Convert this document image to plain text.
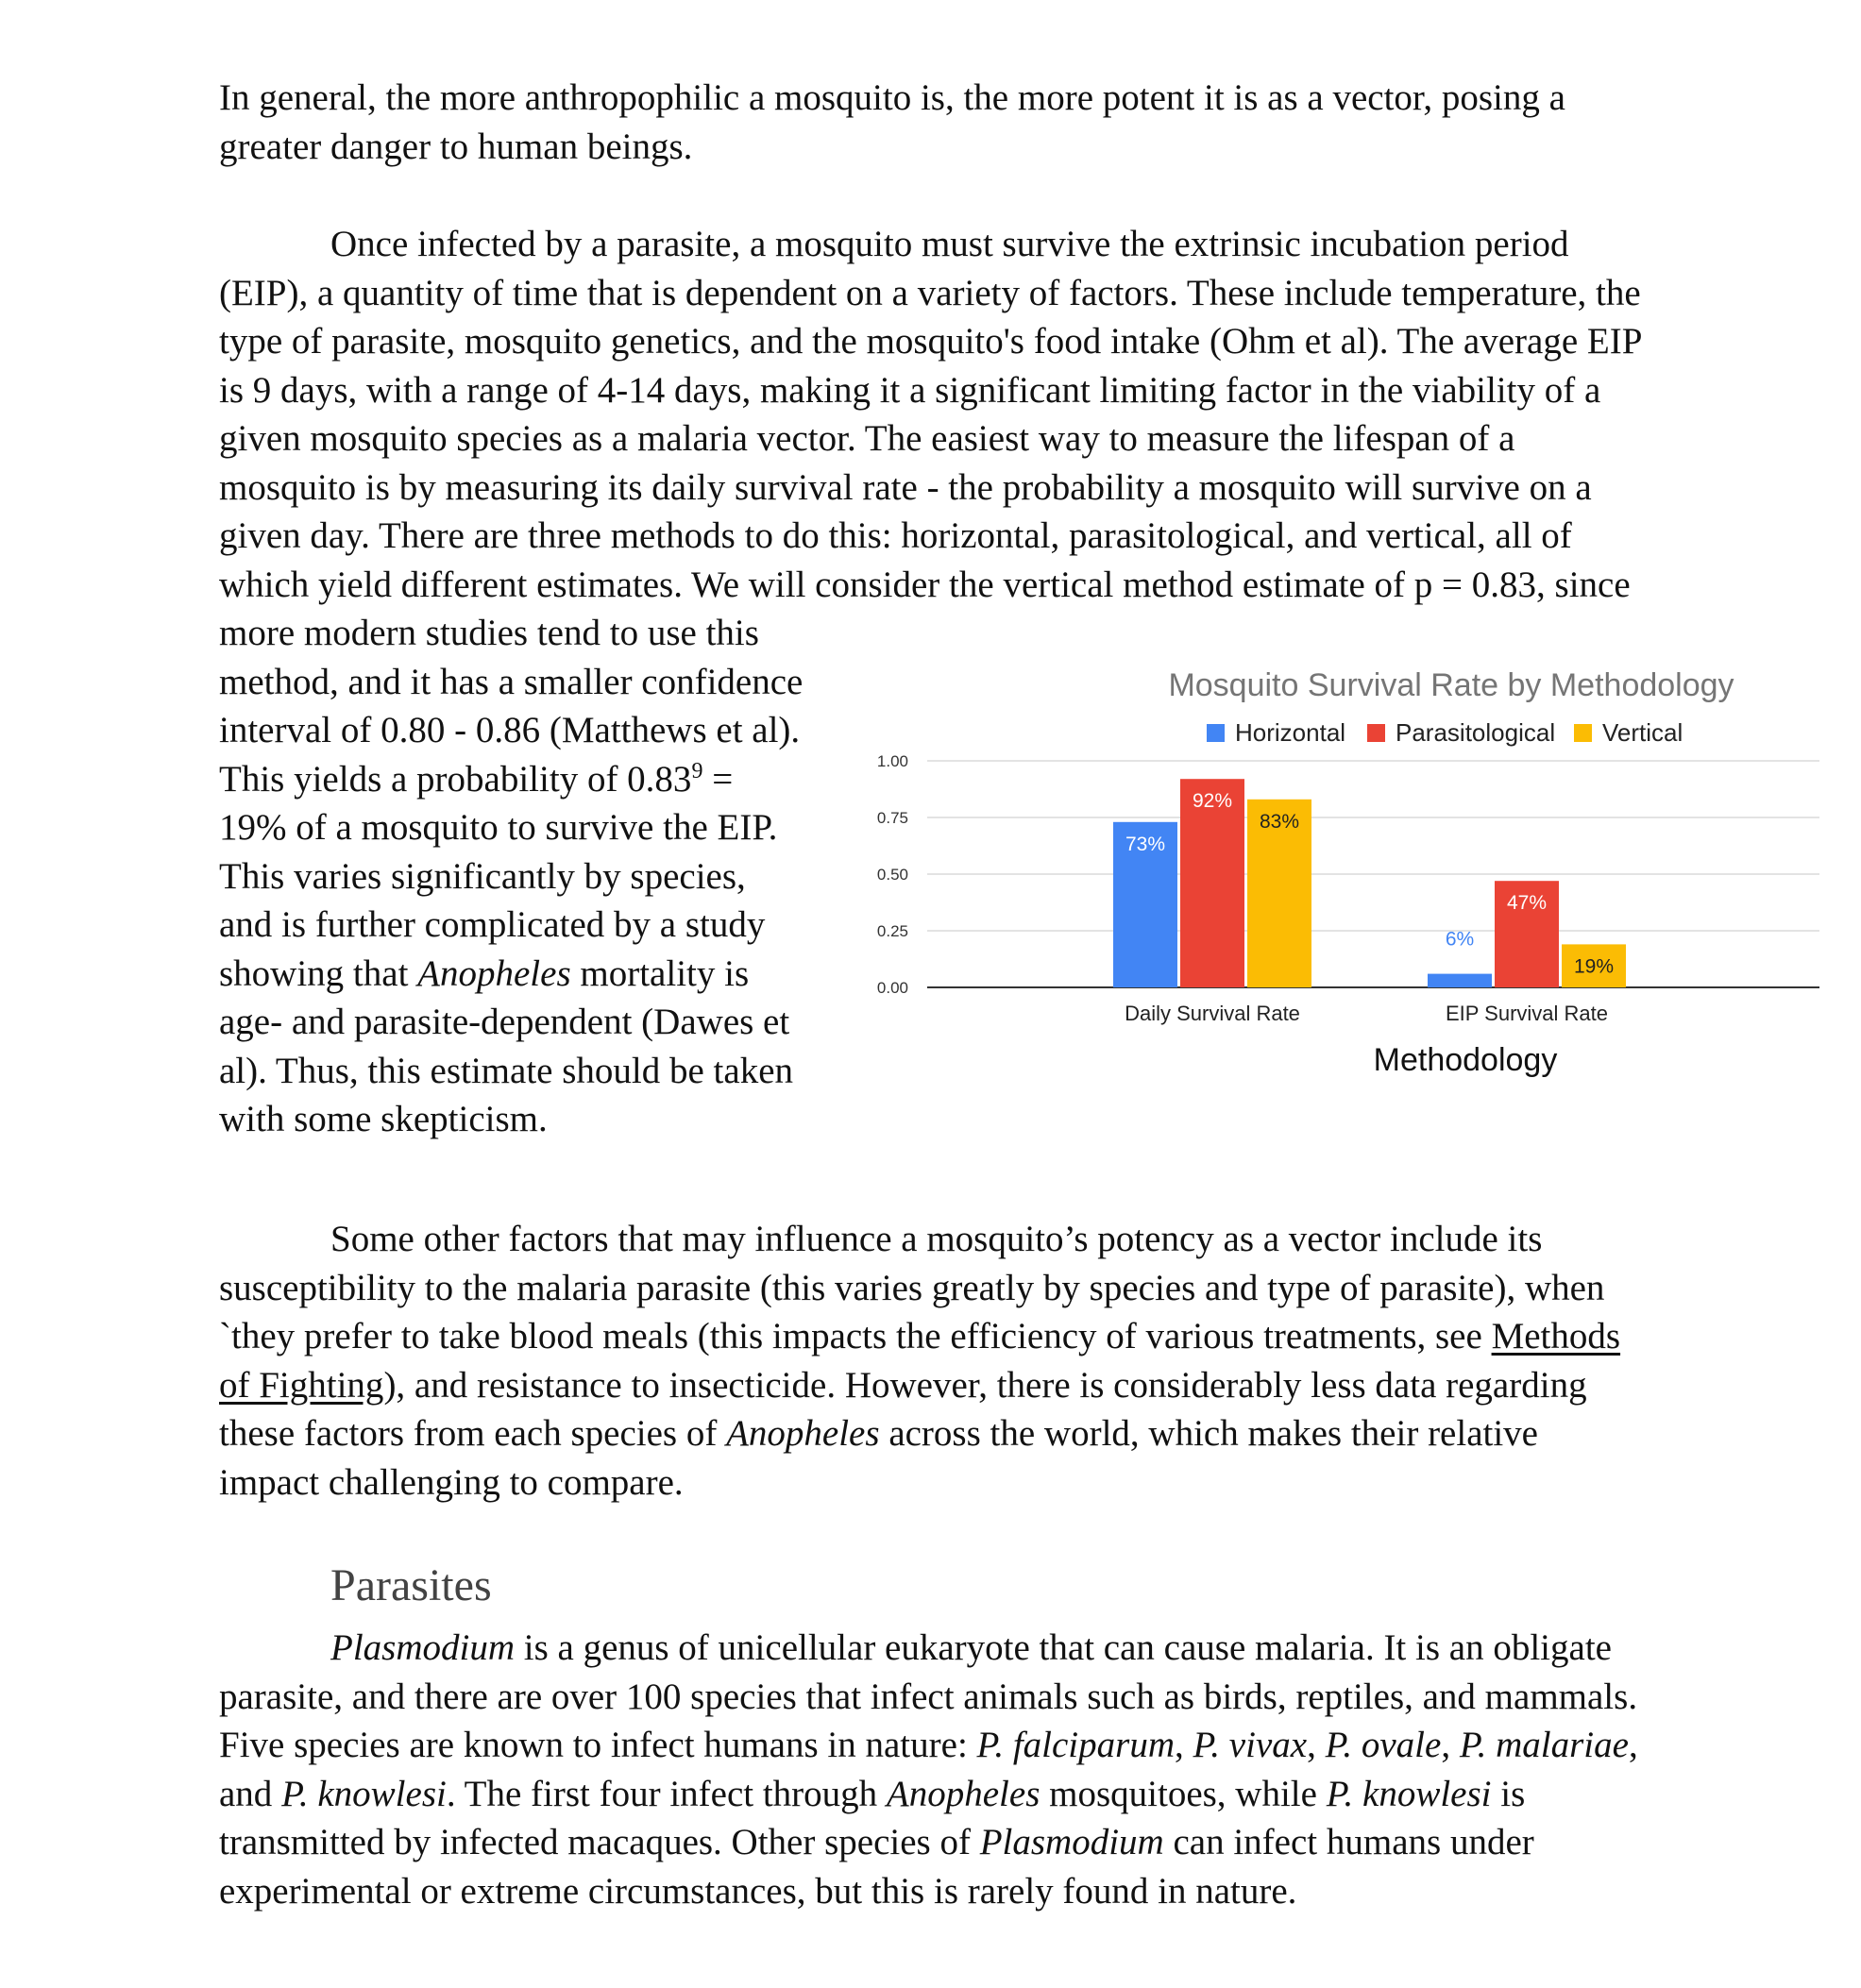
In general, the more anthropophilic a mosquito is, the more potent it is as a vector, posing a greater danger to human beings.

Once infected by a parasite, a mosquito must survive the extrinsic incubation period (EIP), a quantity of time that is dependent on a variety of factors. These include temperature, the type of parasite, mosquito genetics, and the mosquito's food intake (Ohm et al). The average EIP is 9 days, with a range of 4-14 days, making it a significant limiting factor in the viability of a given mosquito species as a malaria vector. The easiest way to measure the lifespan of a mosquito is by measuring its daily survival rate - the probability a mosquito will survive on a given day. There are three methods to do this: horizontal, parasitological, and vertical, all of which yield different estimates. We will consider the vertical method estimate of p = 0.83, since

more modern studies tend to use this method, and it has a smaller confidence interval of 0.80 - 0.86 (Matthews et al). This yields a probability of $0.83^9 = 19\%$ of a mosquito to survive the EIP. This varies significantly by species, and is further complicated by a study showing that Anopheles mortality is age- and parasite-dependent (Dawes et al). Thus, this estimate should be taken with some skepticism.

Mosquito Survival Rate by Methodology
Horizontal Parasitological Vertical
0.00
0.25
0.50
0.75
1.00
73%
92%
83%
6%
47%
19%
Daily Survival Rate	EIP Survival Rate
Methodology

Some other factors that may influence a mosquito’s potency as a vector include its susceptibility to the malaria parasite (this varies greatly by species and type of parasite), when `they prefer to take blood meals (this impacts the efficiency of various treatments, see Methods of Fighting), and resistance to insecticide. However, there is considerably less data regarding these factors from each species of Anopheles across the world, which makes their relative impact challenging to compare.

Parasites

Plasmodium is a genus of unicellular eukaryote that can cause malaria. It is an obligate parasite, and there are over 100 species that infect animals such as birds, reptiles, and mammals. Five species are known to infect humans in nature: P. falciparum, P. vivax, P. ovale, P. malariae, and P. knowlesi. The first four infect through Anopheles mosquitoes, while P. knowlesi is transmitted by infected macaques. Other species of Plasmodium can infect humans under experimental or extreme circumstances, but this is rarely found in nature.
